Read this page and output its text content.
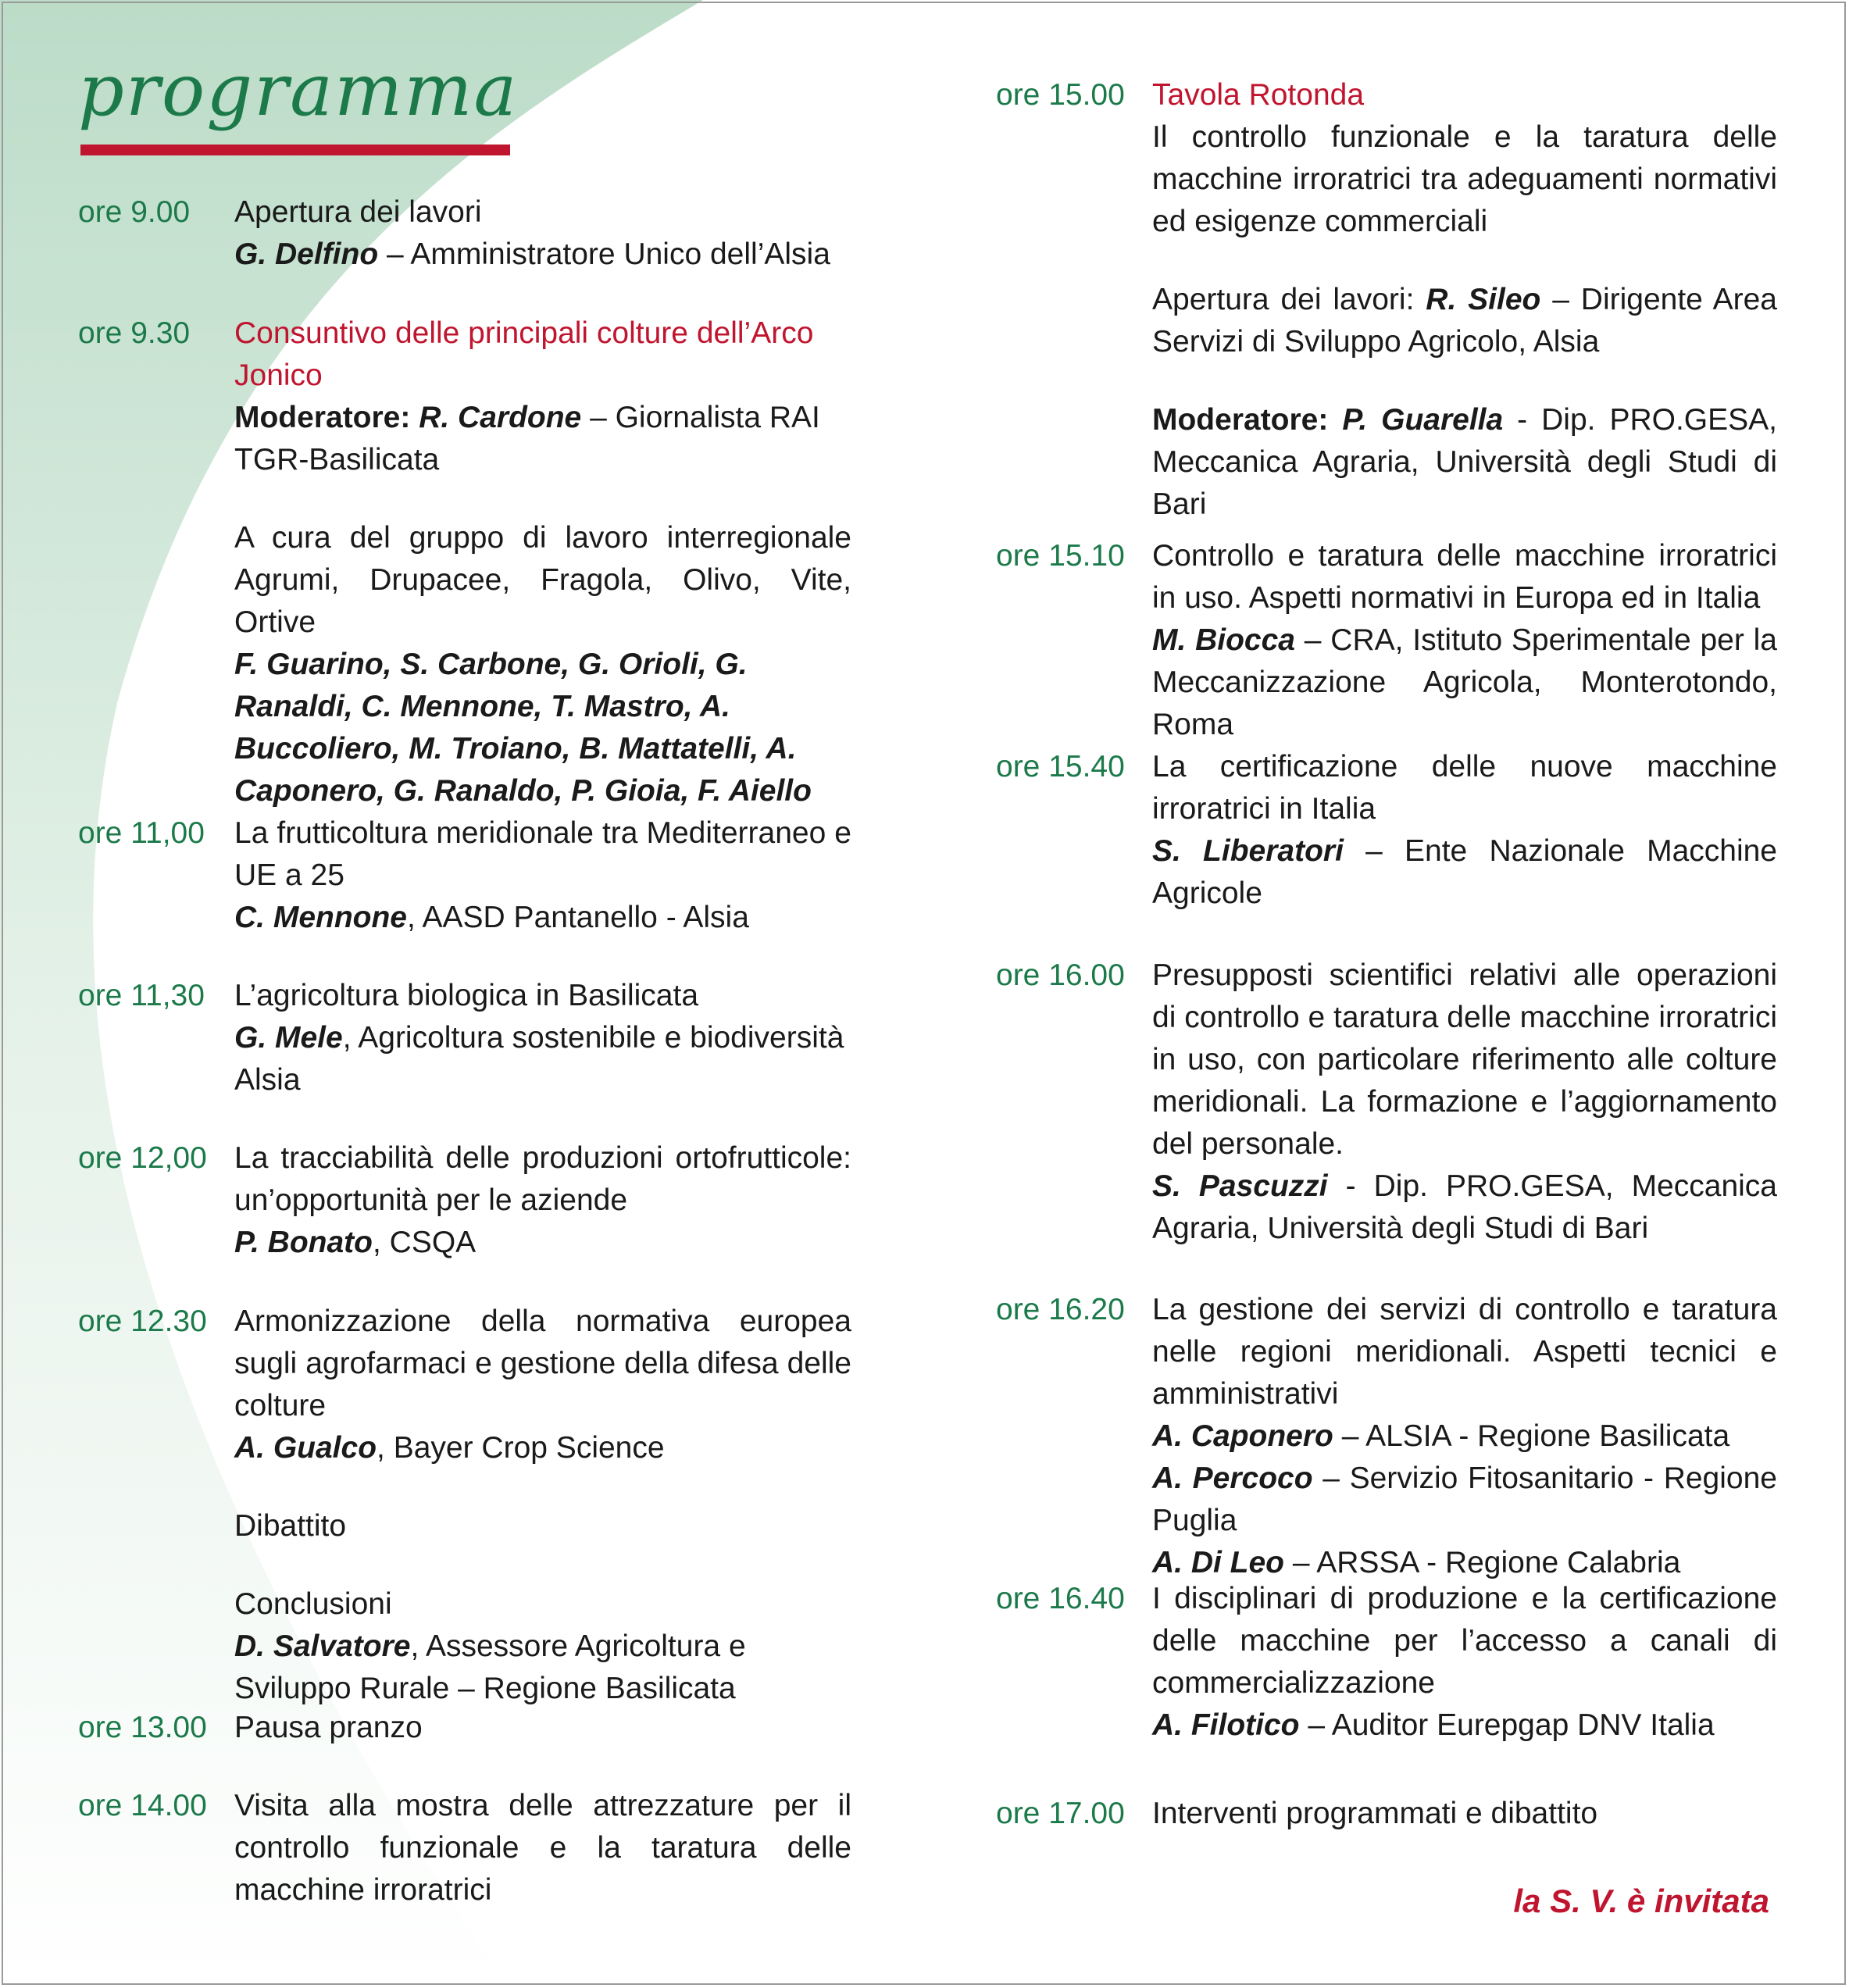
programma
ore 9.00	Apertura dei lavori

G. Delfino – Amministratore Unico dell’Alsia

ore 9.30	Consuntivo delle principali colture dell’Arco Jonico

Moderatore: R. Cardone – Giornalista RAI TGR-Basilicata

A cura del gruppo di lavoro interregionale Agrumi, Drupacee, Fragola, Olivo, Vite, Ortive

F. Guarino, S. Carbone, G. Orioli, G. Ranaldi, C. Mennone, T. Mastro, A. Buccoliero, M. Troiano, B. Mattatelli, A. Caponero, G. Ranaldo, P. Gioia, F. Aiello

ore 11,00 La frutticoltura meridionale tra Mediterraneo e UE a 25

C. Mennone, AASD Pantanello - Alsia

ore 11,30 L’agricoltura biologica in Basilicata

G. Mele, Agricoltura sostenibile e biodiversità Alsia

ore 12,00 La tracciabilità delle produzioni ortofrutticole: un’opportunità per le aziende

P. Bonato, CSQA

ore 12.30 Armonizzazione della normativa europea sugli agrofarmaci e gestione della difesa delle colture

A. Gualco, Bayer Crop Science

Dibattito

Conclusioni

D. Salvatore, Assessore Agricoltura e Sviluppo Rurale – Regione Basilicata

ore 13.00 Pausa pranzo

ore 14.00 Visita alla mostra delle attrezzature per il controllo funzionale e la taratura delle macchine irroratrici

ore 15.00 Tavola Rotonda

Il controllo funzionale e la taratura delle macchine irroratrici tra adeguamenti normativi ed esigenze commerciali

Apertura dei lavori: R. Sileo – Dirigente Area Servizi di Sviluppo Agricolo, Alsia

Moderatore: P. Guarella - Dip. PRO.GESA, Meccanica Agraria, Università degli Studi di Bari

ore 15.10 Controllo e taratura delle macchine irroratrici in uso. Aspetti normativi in Europa ed in Italia

M. Biocca – CRA, Istituto Sperimentale per la Meccanizzazione Agricola, Monterotondo, Roma

ore 15.40 La certificazione delle nuove macchine irroratrici in Italia

S. Liberatori – Ente Nazionale Macchine Agricole

ore 16.00 Presupposti scientifici relativi alle operazioni di controllo e taratura delle macchine irroratrici in uso, con particolare riferimento alle colture meridionali. La formazione e l’aggiornamento del personale.

S. Pascuzzi - Dip. PRO.GESA, Meccanica Agraria, Università degli Studi di Bari

ore 16.20 La gestione dei servizi di controllo e taratura nelle regioni meridionali. Aspetti tecnici e amministrativi

A. Caponero – ALSIA - Regione Basilicata

A. Percoco – Servizio Fitosanitario - Regione Puglia

A. Di Leo – ARSSA - Regione Calabria

ore 16.40 I disciplinari di produzione e la certificazione delle macchine per l’accesso a canali di commercializzazione

A. Filotico – Auditor Eurepgap DNV Italia

ore 17.00 Interventi programmati e dibattito

la S. V. è invitata
